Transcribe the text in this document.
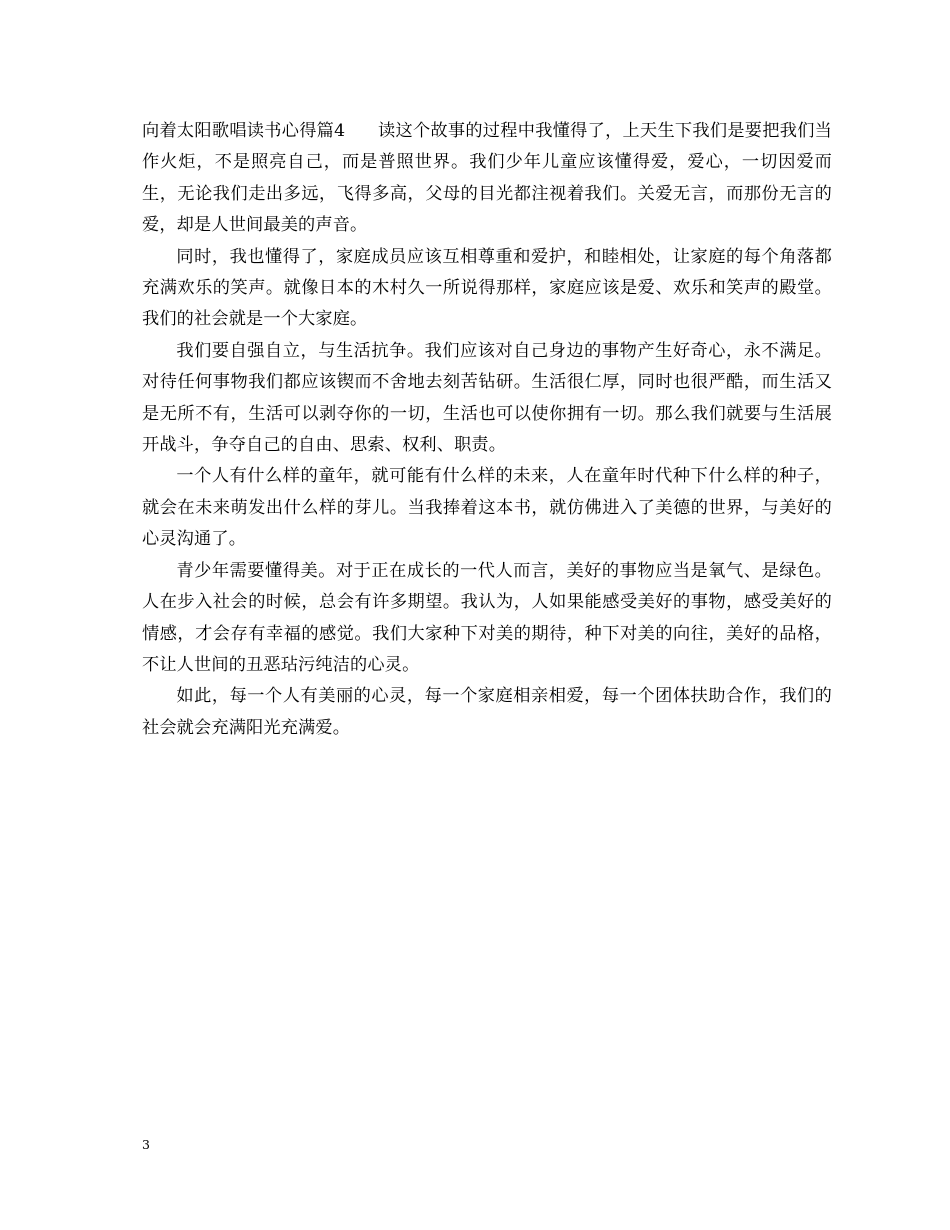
向着太阳歌唱读书心得篇4 读这个故事的过程中我懂得了，上天生下我们是要把我们当作火炬，不是照亮自己，而是普照世界。我们少年儿童应该懂得爱，爱心，一切因爱而生，无论我们走出多远，飞得多高，父母的目光都注视着我们。关爱无言，而那份无言的爱，却是人世间最美的声音。

同时，我也懂得了，家庭成员应该互相尊重和爱护，和睦相处，让家庭的每个角落都充满欢乐的笑声。就像日本的木村久一所说得那样，家庭应该是爱、欢乐和笑声的殿堂。我们的社会就是一个大家庭。

我们要自强自立，与生活抗争。我们应该对自己身边的事物产生好奇心，永不满足。对待任何事物我们都应该锲而不舍地去刻苦钻研。生活很仁厚，同时也很严酷，而生活又是无所不有，生活可以剥夺你的一切，生活也可以使你拥有一切。那么我们就要与生活展开战斗，争夺自己的自由、思索、权利、职责。

一个人有什么样的童年，就可能有什么样的未来，人在童年时代种下什么样的种子，就会在未来萌发出什么样的芽儿。当我捧着这本书，就仿佛进入了美德的世界，与美好的心灵沟通了。

青少年需要懂得美。对于正在成长的一代人而言，美好的事物应当是氧气、是绿色。人在步入社会的时候，总会有许多期望。我认为，人如果能感受美好的事物，感受美好的情感，才会存有幸福的感觉。我们大家种下对美的期待，种下对美的向往，美好的品格，不让人世间的丑恶玷污纯洁的心灵。

如此，每一个人有美丽的心灵，每一个家庭相亲相爱，每一个团体扶助合作，我们的社会就会充满阳光充满爱。

3
